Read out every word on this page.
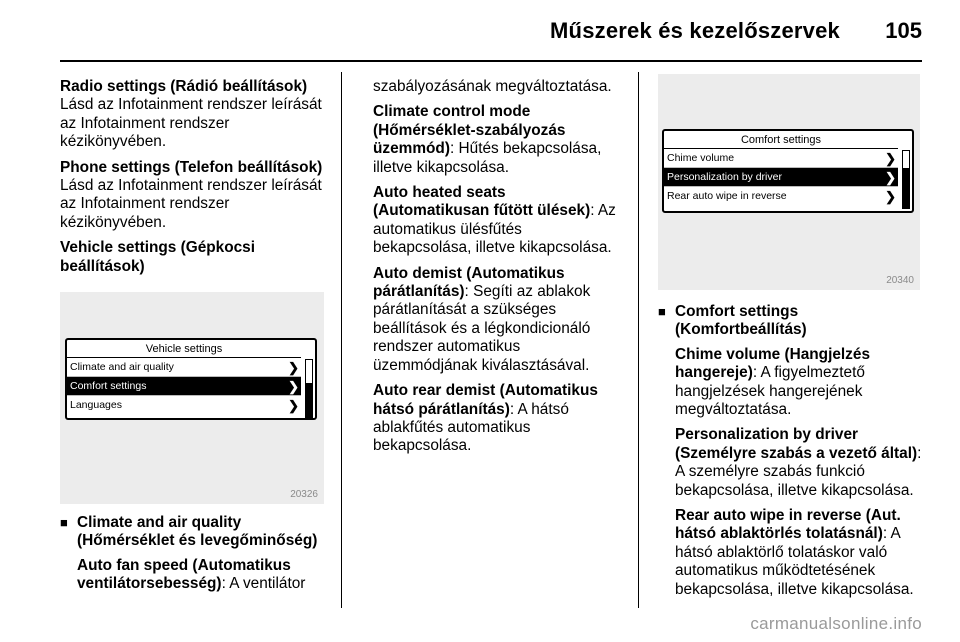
Műszerek és kezelőszervek 105
Radio settings (Rádió beállítások)
Lásd az Infotainment rendszer leírását az Infotainment rendszer kézikönyvében.
Phone settings (Telefon beállítások)
Lásd az Infotainment rendszer leírását az Infotainment rendszer kézikönyvében.
Vehicle settings (Gépkocsi beállítások)
Vehicle settings
Climate and air quality	❯
Comfort settings	❯
Languages	❯
20326
■ Climate and air quality (Hőmérséklet és levegőminőség)
Auto fan speed (Automatikus ventilátorsebesség): A ventilátor
szabályozásának megváltoztatása.
Climate control mode (Hőmérséklet-szabályozás üzemmód): Hűtés bekapcsolása, illetve kikapcsolása.
Auto heated seats (Automatikusan fűtött ülések): Az automatikus ülésfűtés bekapcsolása, illetve kikapcsolása.
Auto demist (Automatikus párátlanítás): Segíti az ablakok párátlanítását a szükséges beállítások és a légkondicionáló rendszer automatikus üzemmódjának kiválasztásával.
Auto rear demist (Automatikus hátsó párátlanítás): A hátsó ablakfűtés automatikus bekapcsolása.
Comfort settings
Chime volume	❯
Personalization by driver	❯
Rear auto wipe in reverse	❯
20340
■ Comfort settings (Komfortbeállítás)
Chime volume (Hangjelzés hangereje): A figyelmeztető hangjelzések hangerejének megváltoztatása.
Personalization by driver (Személyre szabás a vezető által): A személyre szabás funkció bekapcsolása, illetve kikapcsolása.
Rear auto wipe in reverse (Aut. hátsó ablaktörlés tolatásnál): A hátsó ablaktörlő tolatáskor való automatikus működtetésének bekapcsolása, illetve kikapcsolása.
carmanualsonline.info
